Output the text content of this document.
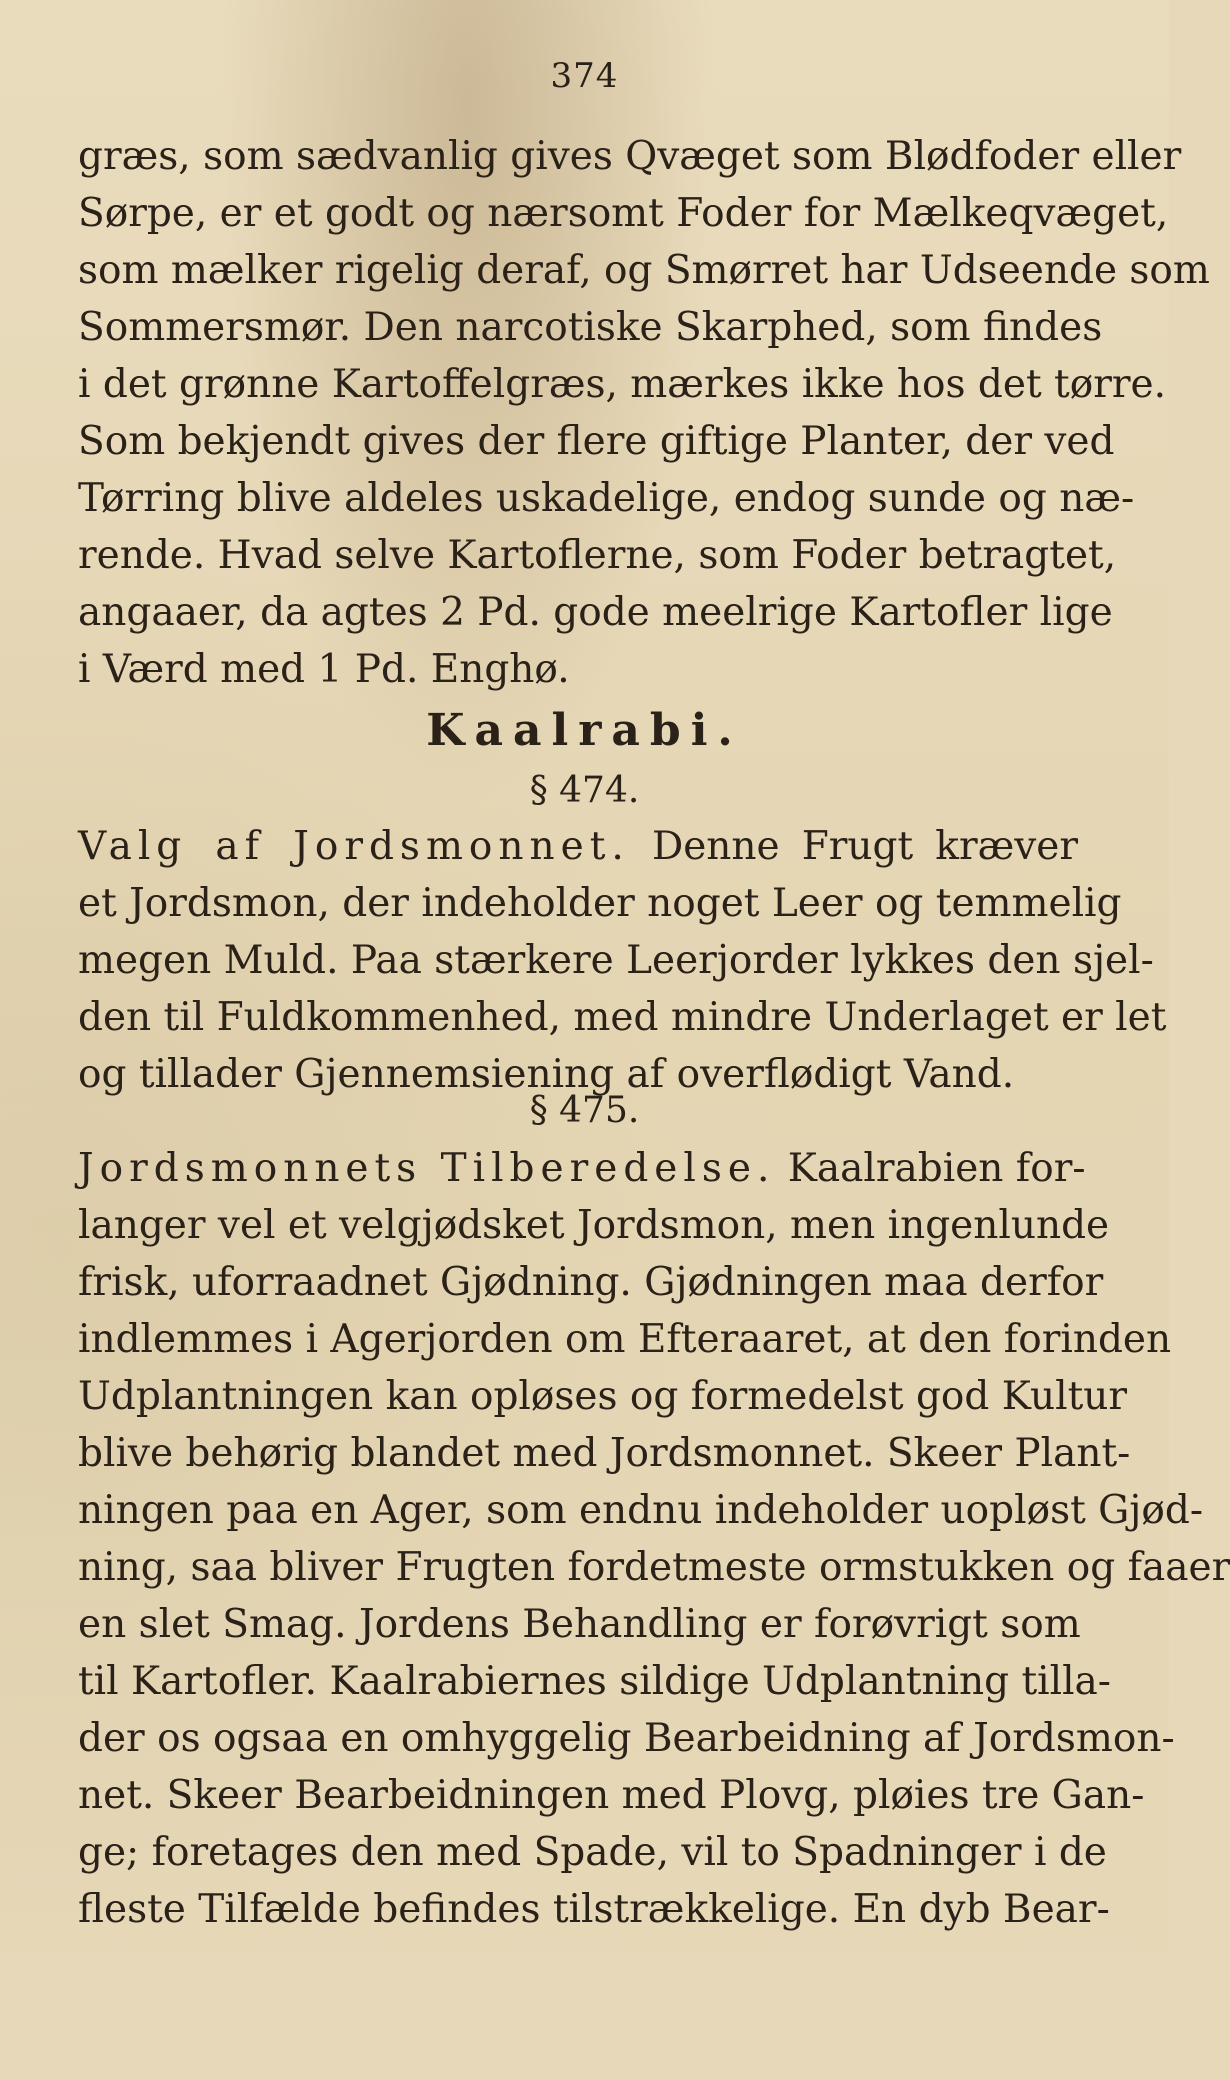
374
græs, som sædvanlig gives Qvæget som Blødfoder eller
Sørpe, er et godt og nærsomt Foder for Mælkeqvæget,
som mælker rigelig deraf, og Smørret har Udseende som
Sommersmør. Den narcotiske Skarphed, som findes
i det grønne Kartoffelgræs, mærkes ikke hos det tørre.
Som bekjendt gives der flere giftige Planter, der ved
Tørring blive aldeles uskadelige, endog sunde og næ-
rende. Hvad selve Kartoflerne, som Foder betragtet,
angaaer, da agtes 2 Pd. gode meelrige Kartofler lige
i Værd med 1 Pd. Enghø.
Kaalrabi.
§ 474.
Valg af Jordsmonnet. Denne Frugt kræver
et Jordsmon, der indeholder noget Leer og temmelig
megen Muld. Paa stærkere Leerjorder lykkes den sjel-
den til Fuldkommenhed, med mindre Underlaget er let
og tillader Gjennemsiening af overflødigt Vand.
§ 475.
Jordsmonnets Tilberedelse. Kaalrabien for-
langer vel et velgjødsket Jordsmon, men ingenlunde
frisk, uforraadnet Gjødning. Gjødningen maa derfor
indlemmes i Agerjorden om Efteraaret, at den forinden
Udplantningen kan opløses og formedelst god Kultur
blive behørig blandet med Jordsmonnet. Skeer Plant-
ningen paa en Ager, som endnu indeholder uopløst Gjød-
ning, saa bliver Frugten fordetmeste ormstukken og faaer
en slet Smag. Jordens Behandling er forøvrigt som
til Kartofler. Kaalrabiernes sildige Udplantning tilla-
der os ogsaa en omhyggelig Bearbeidning af Jordsmon-
net. Skeer Bearbeidningen med Plovg, pløies tre Gan-
ge; foretages den med Spade, vil to Spadninger i de
fleste Tilfælde befindes tilstrækkelige. En dyb Bear-
